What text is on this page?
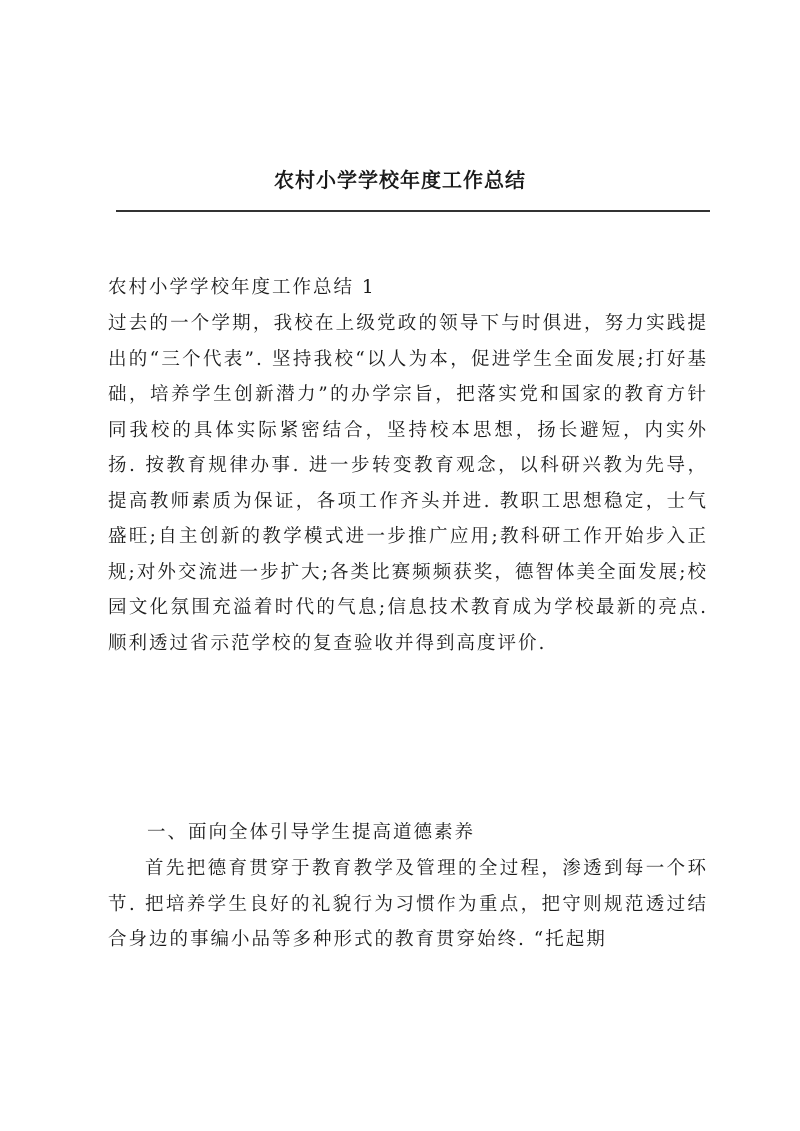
农村小学学校年度工作总结
农村小学学校年度工作总结 1
过去的一个学期，我校在上级党政的领导下与时俱进，努力实践提出的“三个代表”. 坚持我校“以人为本，促进学生全面发展;打好基础，培养学生创新潜力”的办学宗旨，把落实党和国家的教育方针同我校的具体实际紧密结合，坚持校本思想，扬长避短，内实外扬. 按教育规律办事. 进一步转变教育观念，以科研兴教为先导，提高教师素质为保证，各项工作齐头并进. 教职工思想稳定，士气盛旺;自主创新的教学模式进一步推广应用;教科研工作开始步入正规;对外交流进一步扩大;各类比赛频频获奖，德智体美全面发展;校园文化氛围充溢着时代的气息;信息技术教育成为学校最新的亮点. 顺利透过省示范学校的复查验收并得到高度评价.
一、面向全体引导学生提高道德素养
首先把德育贯穿于教育教学及管理的全过程，渗透到每一个环节. 把培养学生良好的礼貌行为习惯作为重点，把守则规范透过结合身边的事编小品等多种形式的教育贯穿始终. “托起期
